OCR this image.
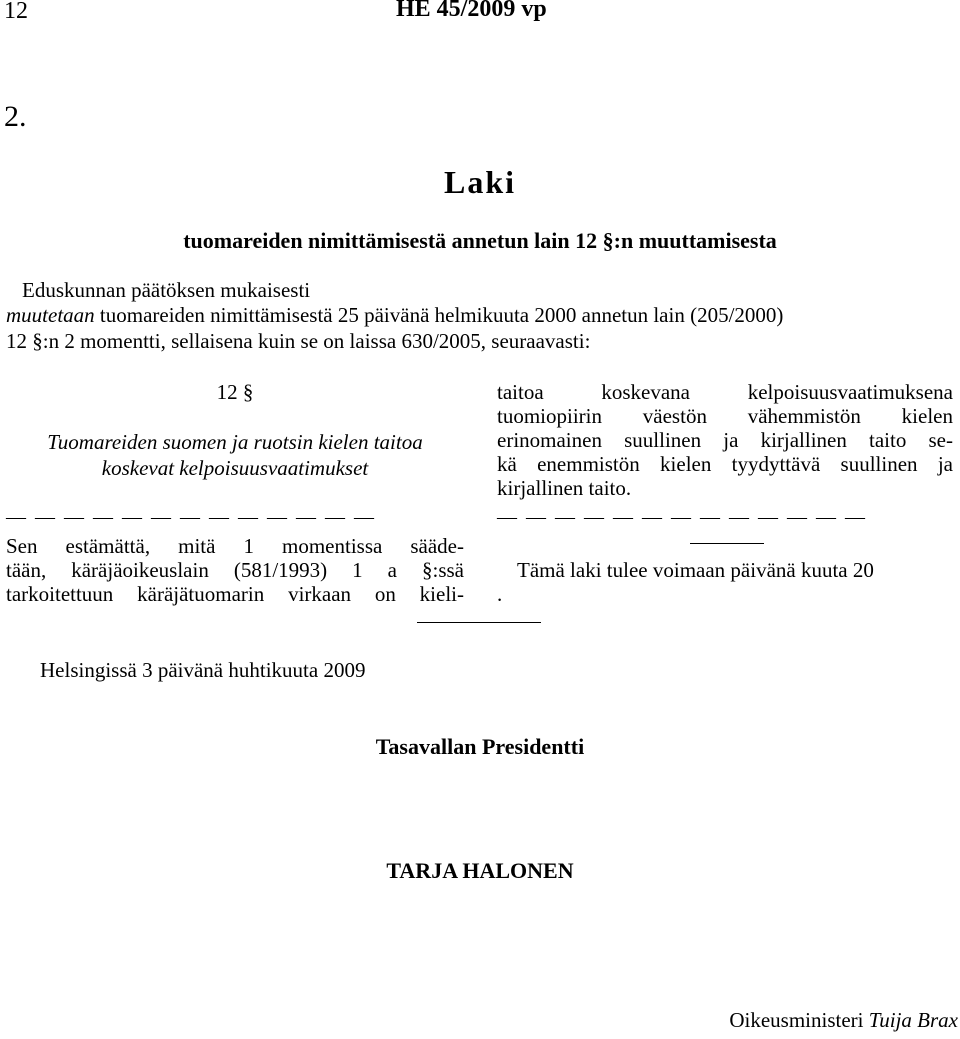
12	HE 45/2009 vp
2.
Laki
tuomareiden nimittämisestä annetun lain 12 §:n muuttamisesta
Eduskunnan päätöksen mukaisesti
muutetaan tuomareiden nimittämisestä 25 päivänä helmikuuta 2000 annetun lain (205/2000)
12 §:n 2 momentti, sellaisena kuin se on laissa 630/2005, seuraavasti:
12 §
Tuomareiden suomen ja ruotsin kielen taitoa
koskevat kelpoisuusvaatimukset
— — — — — — — — — — — — —
Sen estämättä, mitä 1 momentissa sääde-
tään, käräjäoikeuslain (581/1993) 1 a §:ssä
tarkoitettuun käräjätuomarin virkaan on kieli-
taitoa koskevana kelpoisuusvaatimuksena
tuomiopiirin väestön vähemmistön kielen
erinomainen suullinen ja kirjallinen taito se-
kä enemmistön kielen tyydyttävä suullinen ja
kirjallinen taito.
— — — — — — — — — — — — —
Tämä laki tulee voimaan päivänä kuuta 20
.
Helsingissä 3 päivänä huhtikuuta 2009
Tasavallan Presidentti
TARJA HALONEN
Oikeusministeri Tuija Brax
